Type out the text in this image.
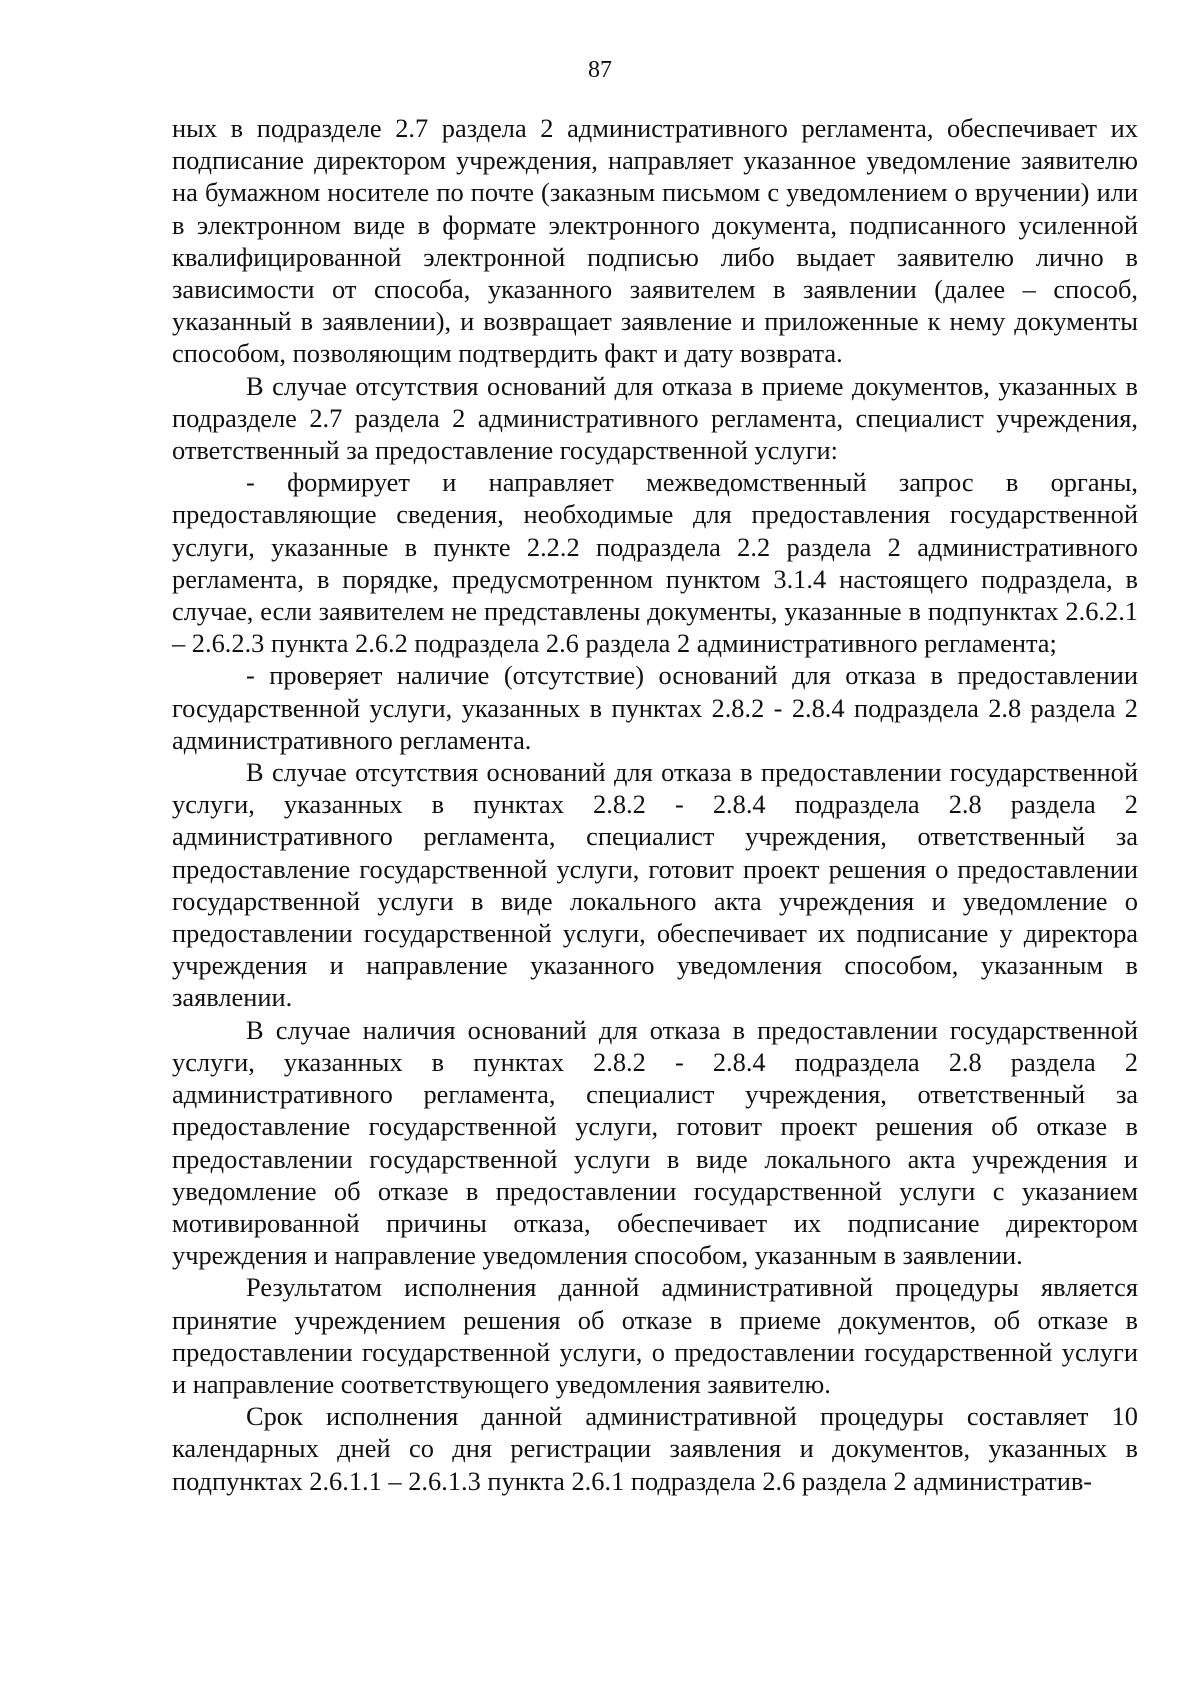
87

ных в подразделе 2.7 раздела 2 административного регламента, обеспечивает их подписание директором учреждения, направляет указанное уведомление заявителю на бумажном носителе по почте (заказным письмом с уведомлением о вручении) или в электронном виде в формате электронного документа, подписанного усиленной квалифицированной электронной подписью либо выдает заявителю лично в зависимости от способа, указанного заявителем в заявлении (далее – способ, указанный в заявлении), и возвращает заявление и приложенные к нему документы способом, позволяющим подтвердить факт и дату возврата.

В случае отсутствия оснований для отказа в приеме документов, указанных в подразделе 2.7 раздела 2 административного регламента, специалист учреждения, ответственный за предоставление государственной услуги:

- формирует и направляет межведомственный запрос в органы, предоставляющие сведения, необходимые для предоставления государственной услуги, указанные в пункте 2.2.2 подраздела 2.2 раздела 2 административного регламента, в порядке, предусмотренном пунктом 3.1.4 настоящего подраздела, в случае, если заявителем не представлены документы, указанные в подпунктах 2.6.2.1 – 2.6.2.3 пункта 2.6.2 подраздела 2.6 раздела 2 административного регламента;

- проверяет наличие (отсутствие) оснований для отказа в предоставлении государственной услуги, указанных в пунктах 2.8.2 - 2.8.4 подраздела 2.8 раздела 2 административного регламента.

В случае отсутствия оснований для отказа в предоставлении государственной услуги, указанных в пунктах 2.8.2 - 2.8.4 подраздела 2.8 раздела 2 административного регламента, специалист учреждения, ответственный за предоставление государственной услуги, готовит проект решения о предоставлении государственной услуги в виде локального акта учреждения и уведомление о предоставлении государственной услуги, обеспечивает их подписание у директора учреждения и направление указанного уведомления способом, указанным в заявлении.

В случае наличия оснований для отказа в предоставлении государственной услуги, указанных в пунктах 2.8.2 - 2.8.4 подраздела 2.8 раздела 2 административного регламента, специалист учреждения, ответственный за предоставление государственной услуги, готовит проект решения об отказе в предоставлении государственной услуги в виде локального акта учреждения и уведомление об отказе в предоставлении государственной услуги с указанием мотивированной причины отказа, обеспечивает их подписание директором учреждения и направление уведомления способом, указанным в заявлении.

Результатом исполнения данной административной процедуры является принятие учреждением решения об отказе в приеме документов, об отказе в предоставлении государственной услуги, о предоставлении государственной услуги и направление соответствующего уведомления заявителю.

Срок исполнения данной административной процедуры составляет 10 календарных дней со дня регистрации заявления и документов, указанных в подпунктах 2.6.1.1 – 2.6.1.3 пункта 2.6.1 подраздела 2.6 раздела 2 административ-
